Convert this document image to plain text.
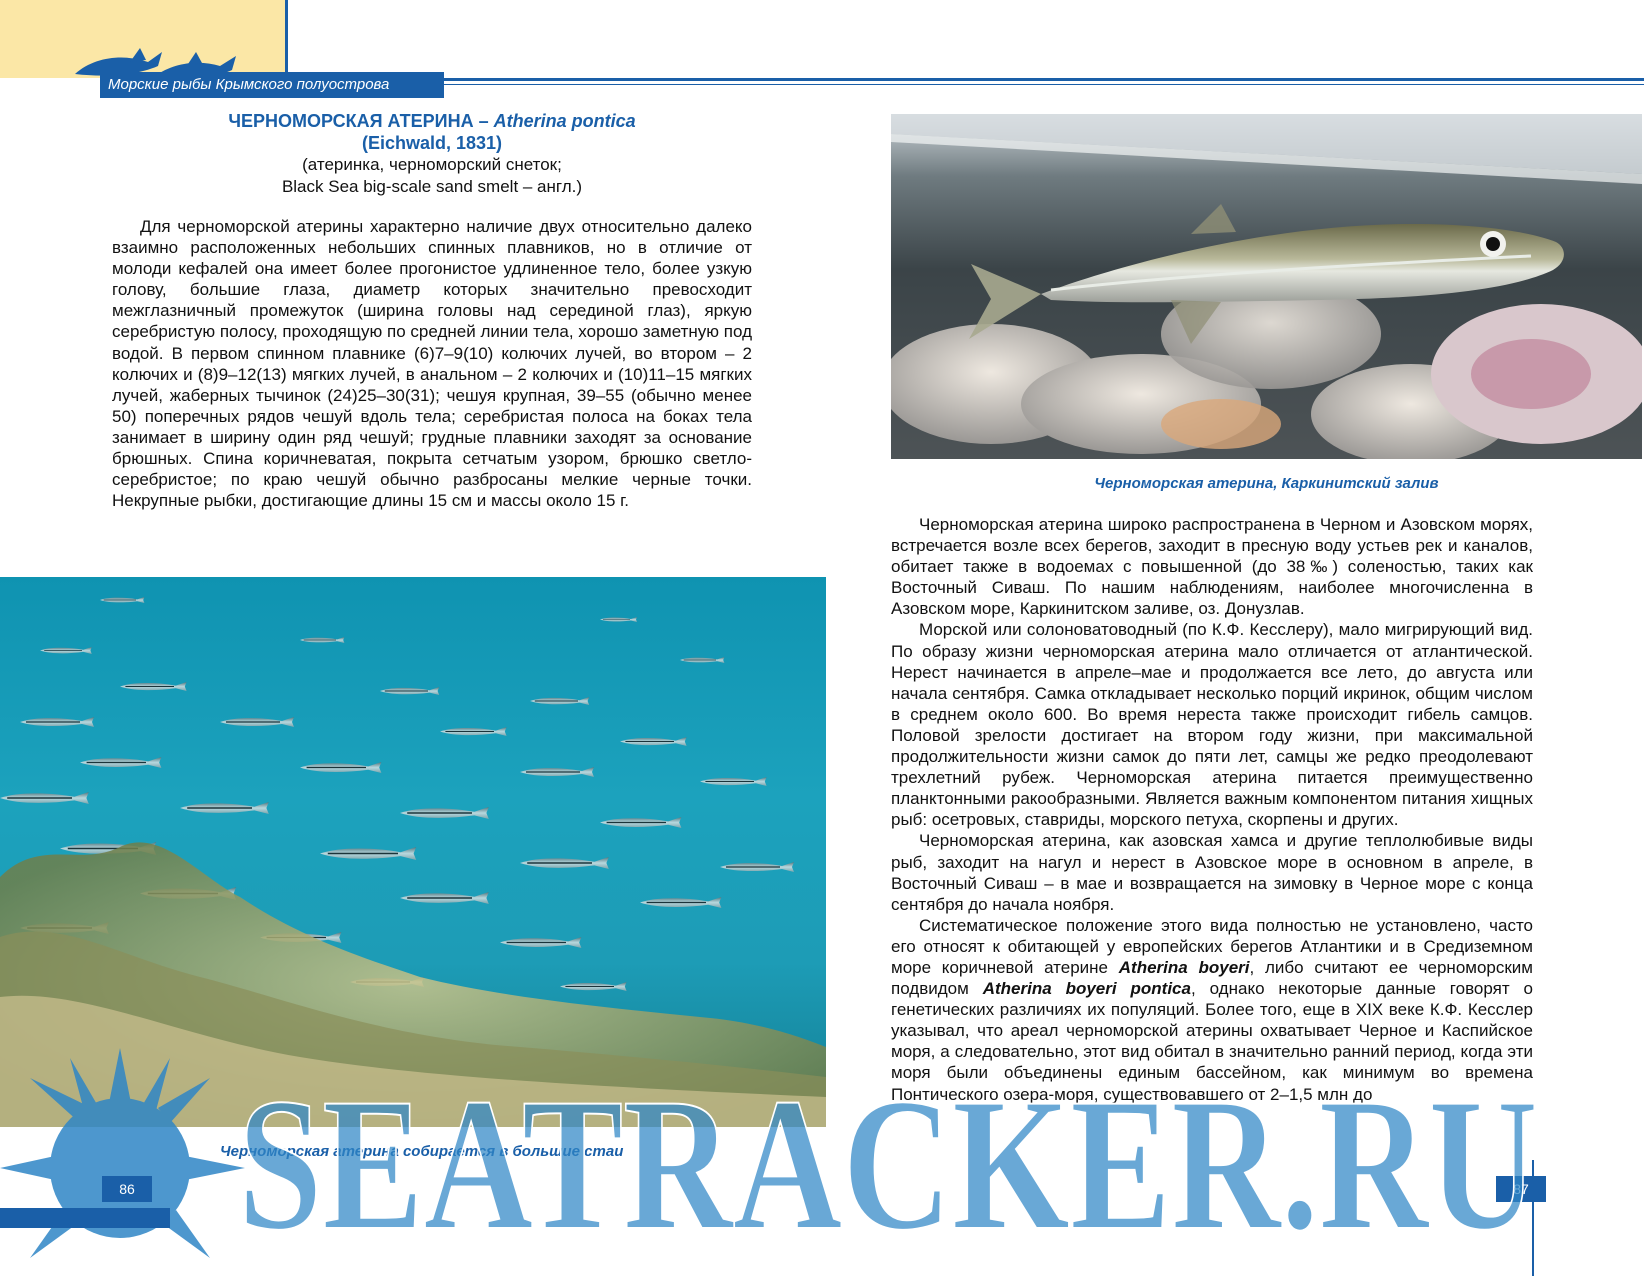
Морские рыбы Крымского полуострова

ЧЕРНОМОРСКАЯ АТЕРИНА – Atherina pontica

(Eichwald, 1831)

(атеринка, черноморский снеток;

Black Sea big-scale sand smelt – англ.)

Для черноморской атерины характерно наличие двух относительно далеко взаимно расположенных небольших спинных плавников, но в отличие от молоди кефалей она имеет более прогонистое удлиненное тело, более узкую голову, большие глаза, диаметр которых значительно превосходит межглазничный промежуток (ширина головы над серединой глаз), яркую серебристую полосу, проходящую по средней линии тела, хорошо заметную под водой. В первом спинном плавнике (6)7–9(10) колючих лучей, во втором – 2 колючих и (8)9–12(13) мягких лучей, в анальном – 2 колючих и (10)11–15 мягких лучей, жаберных тычинок (24)25–30(31); чешуя крупная, 39–55 (обычно менее 50) поперечных рядов чешуй вдоль тела; серебристая полоса на боках тела занимает в ширину один ряд чешуй; грудные плавники заходят за основание брюшных. Спина коричневатая, покрыта сетчатым узором, брюшко светло-серебристое; по краю чешуй обычно разбросаны мелкие черные точки. Некрупные рыбки, достигающие длины 15 см и массы около 15 г.

Черноморская атерина, Каркинитский залив

Черноморская атерина широко распространена в Черном и Азовском морях, встречается возле всех берегов, заходит в пресную воду устьев рек и каналов, обитает также в водоемах с повышенной (до 38‰) соленостью, таких как Восточный Сиваш. По нашим наблюдениям, наиболее многочисленна в Азовском море, Каркинитском заливе, оз. Донузлав.

Морской или солоноватоводный (по К.Ф. Кесслеру), мало мигрирующий вид. По образу жизни черноморская атерина мало отличается от атлантической. Нерест начинается в апреле–мае и продолжается все лето, до августа или начала сентября. Самка откладывает несколько порций икринок, общим числом в среднем около 600. Во время нереста также происходит гибель самцов. Половой зрелости достигает на втором году жизни, при максимальной продолжительности жизни самок до пяти лет, самцы же редко преодолевают трехлетний рубеж. Черноморская атерина питается преимущественно планктонными ракообразными. Является важным компонентом питания хищных рыб: осетровых, ставриды, морского петуха, скорпены и других.

Черноморская атерина, как азовская хамса и другие теплолюбивые виды рыб, заходит на нагул и нерест в Азовское море в основном в апреле, в Восточный Сиваш – в мае и возвращается на зимовку в Черное море с конца сентября до начала ноября.

Систематическое положение этого вида полностью не установлено, часто его относят к обитающей у европейских берегов Атлантики и в Средиземном море коричневой атерине Atherina boyeri, либо считают ее черноморским подвидом Atherina boyeri pontica, однако некоторые данные говорят о генетических различиях их популяций. Более того, еще в XIX веке К.Ф. Кесслер указывал, что ареал черноморской атерины охватывает Черное и Каспийское моря, а следовательно, этот вид обитал в значительно ранний период, когда эти моря были объединены единым бассейном, как минимум во времена Понтического озера-моря, существовавшего от 2–1,5 млн до

Черноморская атерина собирается в большие стаи
86	87
SEATRACKER.RU
